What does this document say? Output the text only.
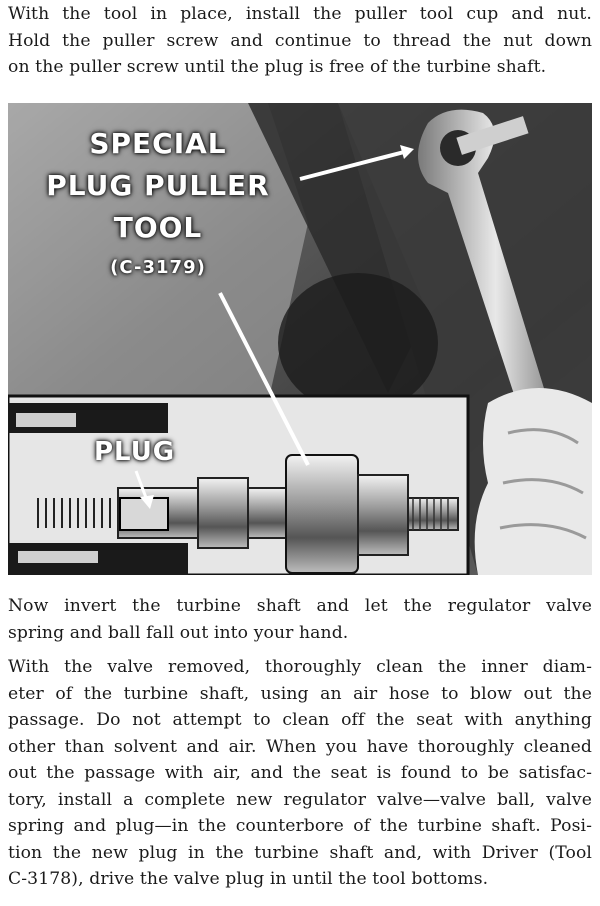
With the tool in place, install the puller tool cup and nut.
Hold the puller screw and continue to thread the nut down
on the puller screw until the plug is free of the turbine shaft.
SPECIAL
PLUG PULLER
TOOL
(C-3179)
PLUG
Now invert the turbine shaft and let the regulator valve
spring and ball fall out into your hand.
With the valve removed, thoroughly clean the inner diam-
eter of the turbine shaft, using an air hose to blow out the
passage. Do not attempt to clean off the seat with anything
other than solvent and air. When you have thoroughly cleaned
out the passage with air, and the seat is found to be satisfac-
tory, install a complete new regulator valve—valve ball, valve
spring and plug—in the counterbore of the turbine shaft. Posi-
tion the new plug in the turbine shaft and, with Driver (Tool
C-3178), drive the valve plug in until the tool bottoms.
